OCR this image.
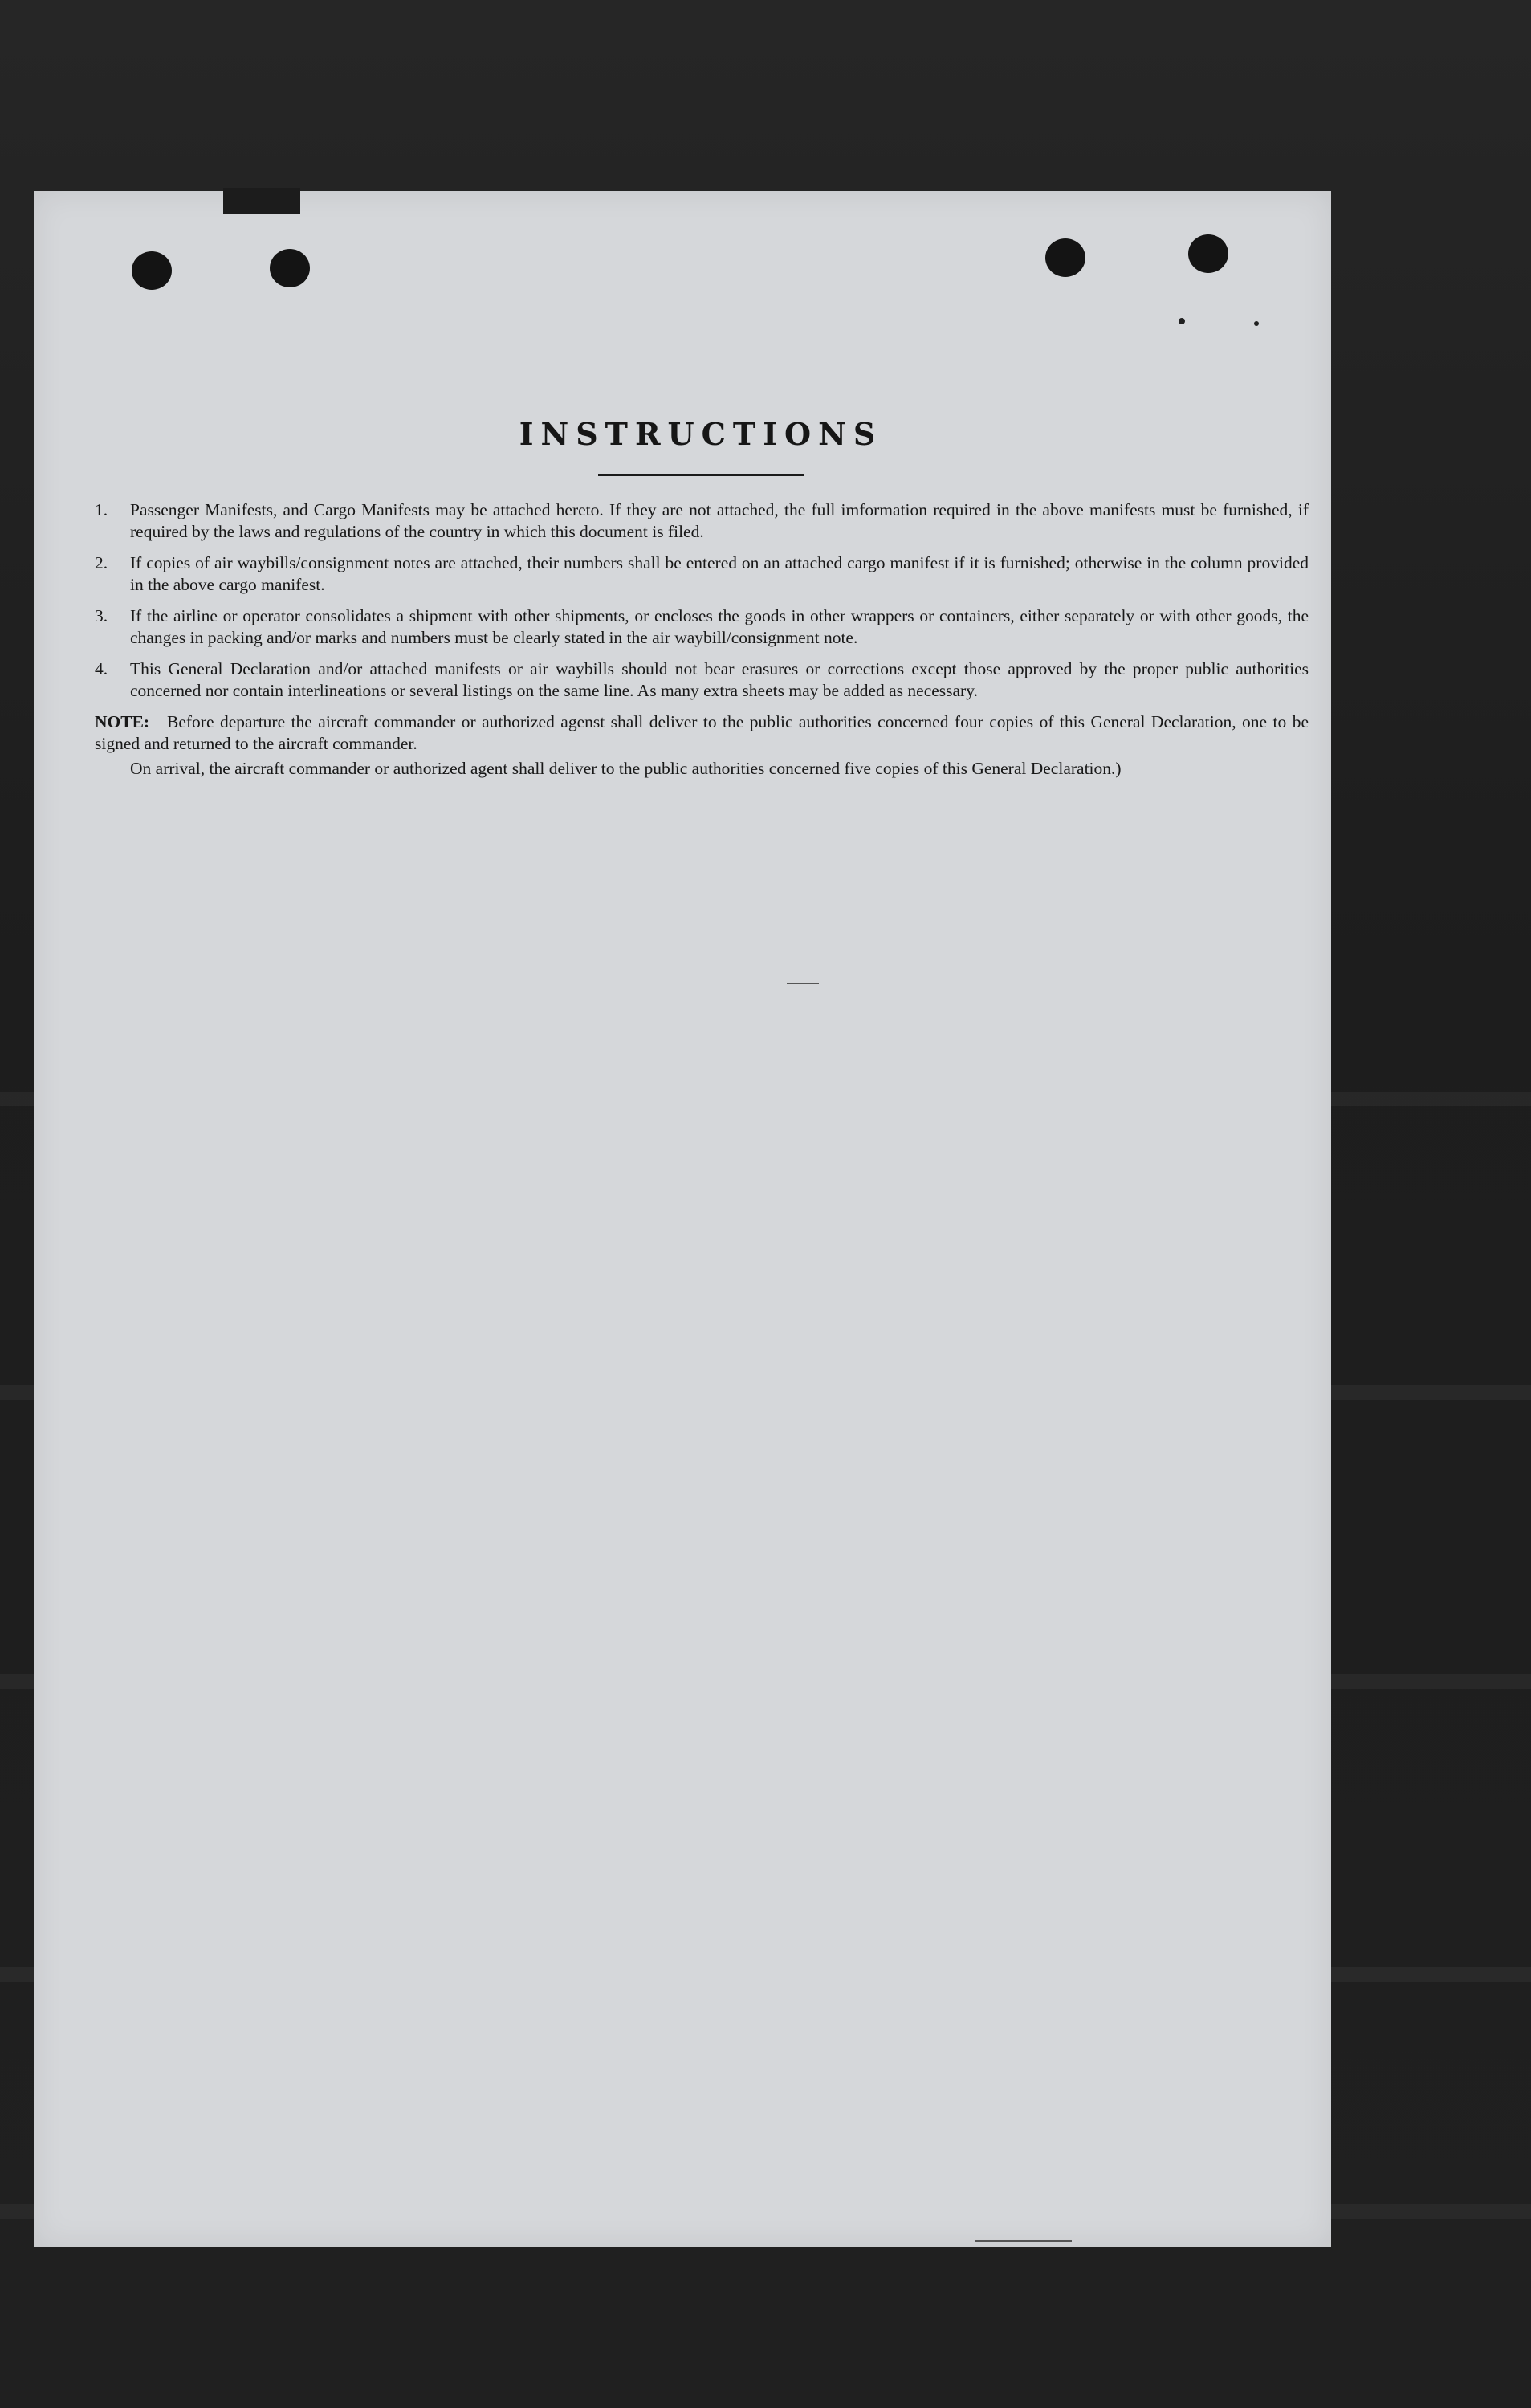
INSTRUCTIONS
1.	Passenger Manifests, and Cargo Manifests may be attached hereto. If they are not attached, the full imformation required in the above manifests must be furnished, if required by the laws and regulations of the country in which this document is filed.
2.	If copies of air waybills/consignment notes are attached, their numbers shall be entered on an attached cargo manifest if it is furnished; otherwise in the column provided in the above cargo manifest.
3.	If the airline or operator consolidates a shipment with other shipments, or encloses the goods in other wrappers or containers, either separately or with other goods, the changes in packing and/or marks and numbers must be clearly stated in the air waybill/consignment note.
4.	This General Declaration and/or attached manifests or air waybills should not bear erasures or corrections except those approved by the proper public authorities concerned nor contain interlineations or several listings on the same line. As many extra sheets may be added as necessary.
NOTE:	Before departure the aircraft commander or authorized agenst shall deliver to the public authorities concerned four copies of this General Declaration, one to be signed and returned to the aircraft commander.
On arrival, the aircraft commander or authorized agent shall deliver to the public authorities concerned five copies of this General Declaration.)
